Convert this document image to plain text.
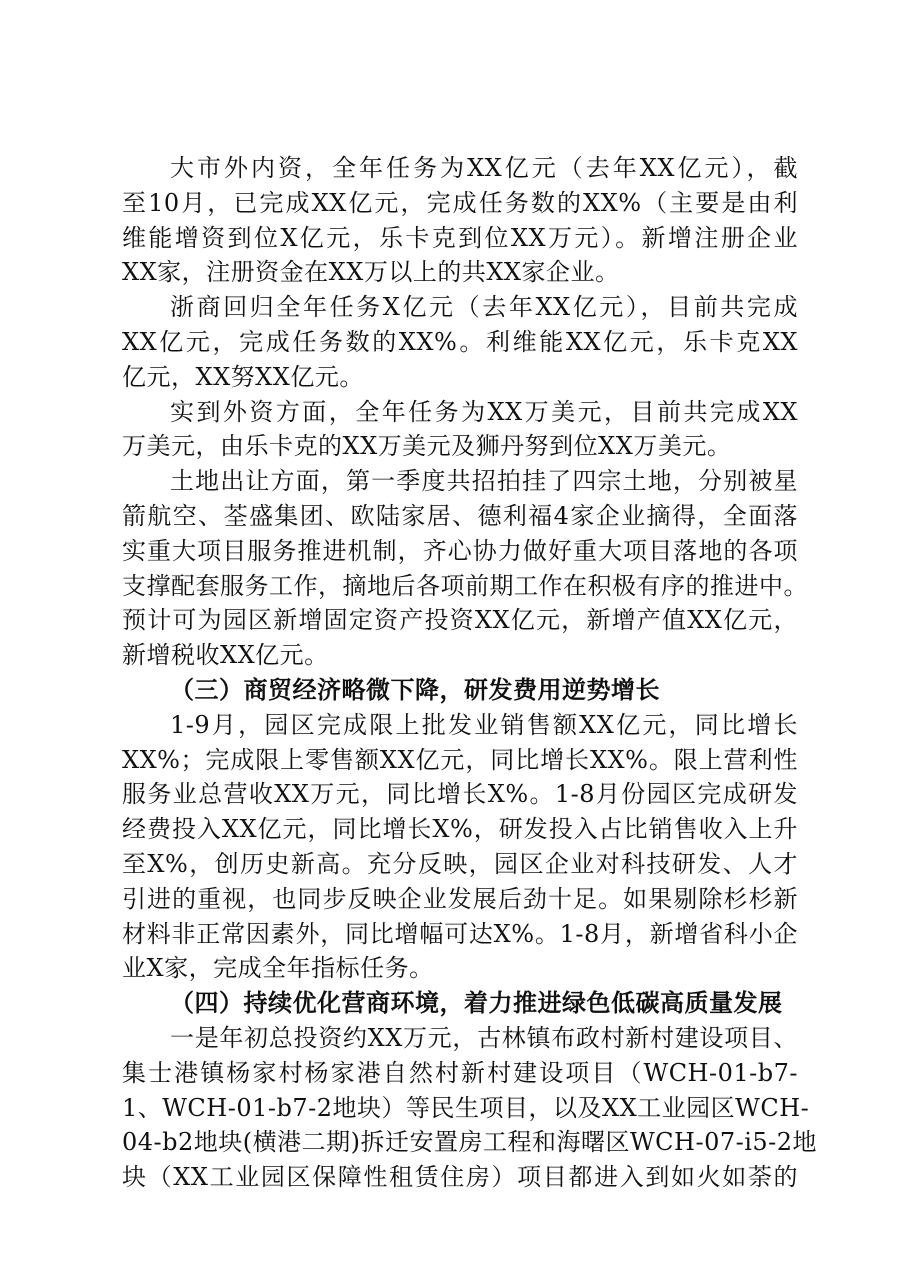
大市外内资，全年任务为XX亿元（去年XX亿元），截
至10月，已完成XX亿元，完成任务数的XX%（主要是由利
维能增资到位X亿元，乐卡克到位XX万元）。新增注册企业
XX家，注册资金在XX万以上的共XX家企业。
浙商回归全年任务X亿元（去年XX亿元），目前共完成
XX亿元，完成任务数的XX%。利维能XX亿元，乐卡克XX
亿元，XX努XX亿元。
实到外资方面，全年任务为XX万美元，目前共完成XX
万美元，由乐卡克的XX万美元及狮丹努到位XX万美元。
土地出让方面，第一季度共招拍挂了四宗土地，分别被星
箭航空、荃盛集团、欧陆家居、德利福4家企业摘得，全面落
实重大项目服务推进机制，齐心协力做好重大项目落地的各项
支撑配套服务工作，摘地后各项前期工作在积极有序的推进中。
预计可为园区新增固定资产投资XX亿元，新增产值XX亿元，
新增税收XX亿元。
（三）商贸经济略微下降，研发费用逆势增长
1-9月，园区完成限上批发业销售额XX亿元，同比增长
XX%；完成限上零售额XX亿元，同比增长XX%。限上营利性
服务业总营收XX万元，同比增长X%。1-8月份园区完成研发
经费投入XX亿元，同比增长X%，研发投入占比销售收入上升
至X%，创历史新高。充分反映，园区企业对科技研发、人才
引进的重视，也同步反映企业发展后劲十足。如果剔除杉杉新
材料非正常因素外，同比增幅可达X%。1-8月，新增省科小企
业X家，完成全年指标任务。
（四）持续优化营商环境，着力推进绿色低碳高质量发展
一是年初总投资约XX万元，古林镇布政村新村建设项目、
集士港镇杨家村杨家港自然村新村建设项目（WCH-01-b7-
1、WCH-01-b7-2地块）等民生项目，以及XX工业园区WCH-
04-b2地块(横港二期)拆迁安置房工程和海曙区WCH-07-i5-2地
块（XX工业园区保障性租赁住房）项目都进入到如火如荼的
